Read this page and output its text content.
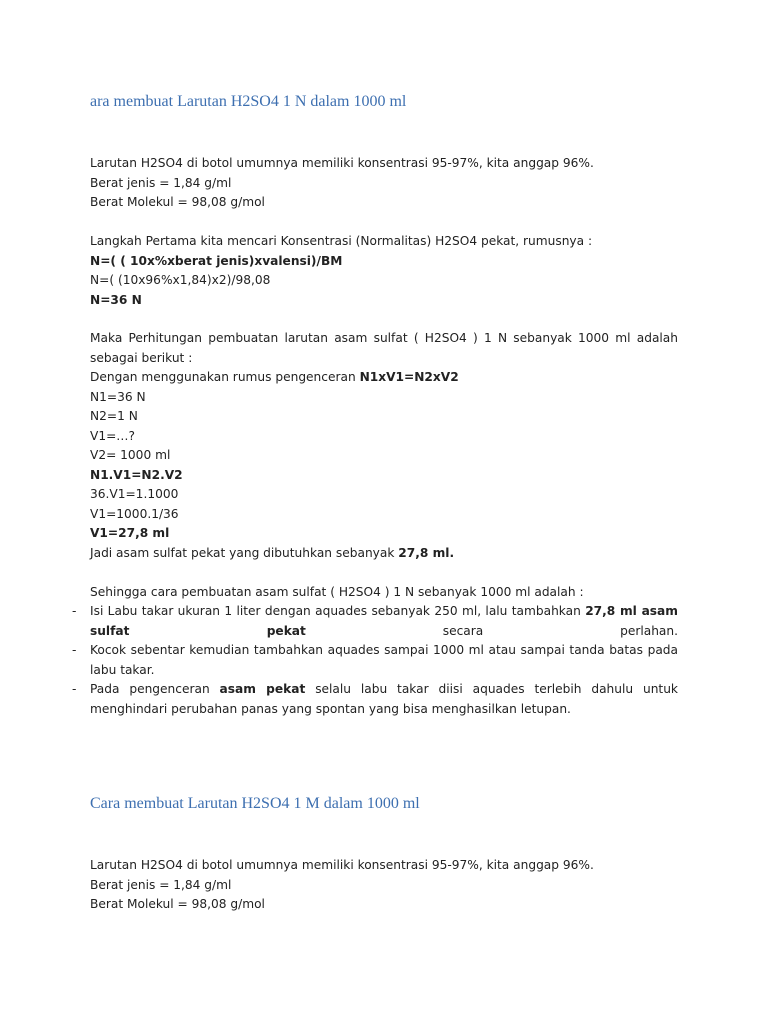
ara membuat Larutan H2SO4 1 N dalam 1000 ml
Larutan H2SO4 di botol umumnya memiliki konsentrasi 95-97%, kita anggap 96%.
Berat jenis = 1,84 g/ml
Berat Molekul = 98,08 g/mol
Langkah Pertama kita mencari Konsentrasi (Normalitas) H2SO4 pekat, rumusnya :
N=( ( 10x%xberat jenis)xvalensi)/BM
N=( (10x96%x1,84)x2)/98,08
N=36 N
Maka Perhitungan pembuatan larutan asam sulfat ( H2SO4 ) 1 N sebanyak 1000 ml adalah sebagai berikut :
Dengan menggunakan rumus pengenceran N1xV1=N2xV2
N1=36 N
N2=1 N
V1=…?
V2= 1000 ml
N1.V1=N2.V2
36.V1=1.1000
V1=1000.1/36
V1=27,8 ml
Jadi asam sulfat pekat yang dibutuhkan sebanyak 27,8 ml.
Sehingga cara pembuatan asam sulfat ( H2SO4 ) 1 N sebanyak 1000 ml adalah :
- Isi Labu takar ukuran 1 liter dengan aquades sebanyak 250 ml, lalu tambahkan 27,8 ml asam sulfat pekat secara perlahan.
- Kocok sebentar kemudian tambahkan aquades sampai 1000 ml atau sampai tanda batas pada labu takar.
- Pada pengenceran asam pekat selalu labu takar diisi aquades terlebih dahulu untuk menghindari perubahan panas yang spontan yang bisa menghasilkan letupan.
Cara membuat Larutan H2SO4 1 M dalam 1000 ml
Larutan H2SO4 di botol umumnya memiliki konsentrasi 95-97%, kita anggap 96%.
Berat jenis = 1,84 g/ml
Berat Molekul = 98,08 g/mol
